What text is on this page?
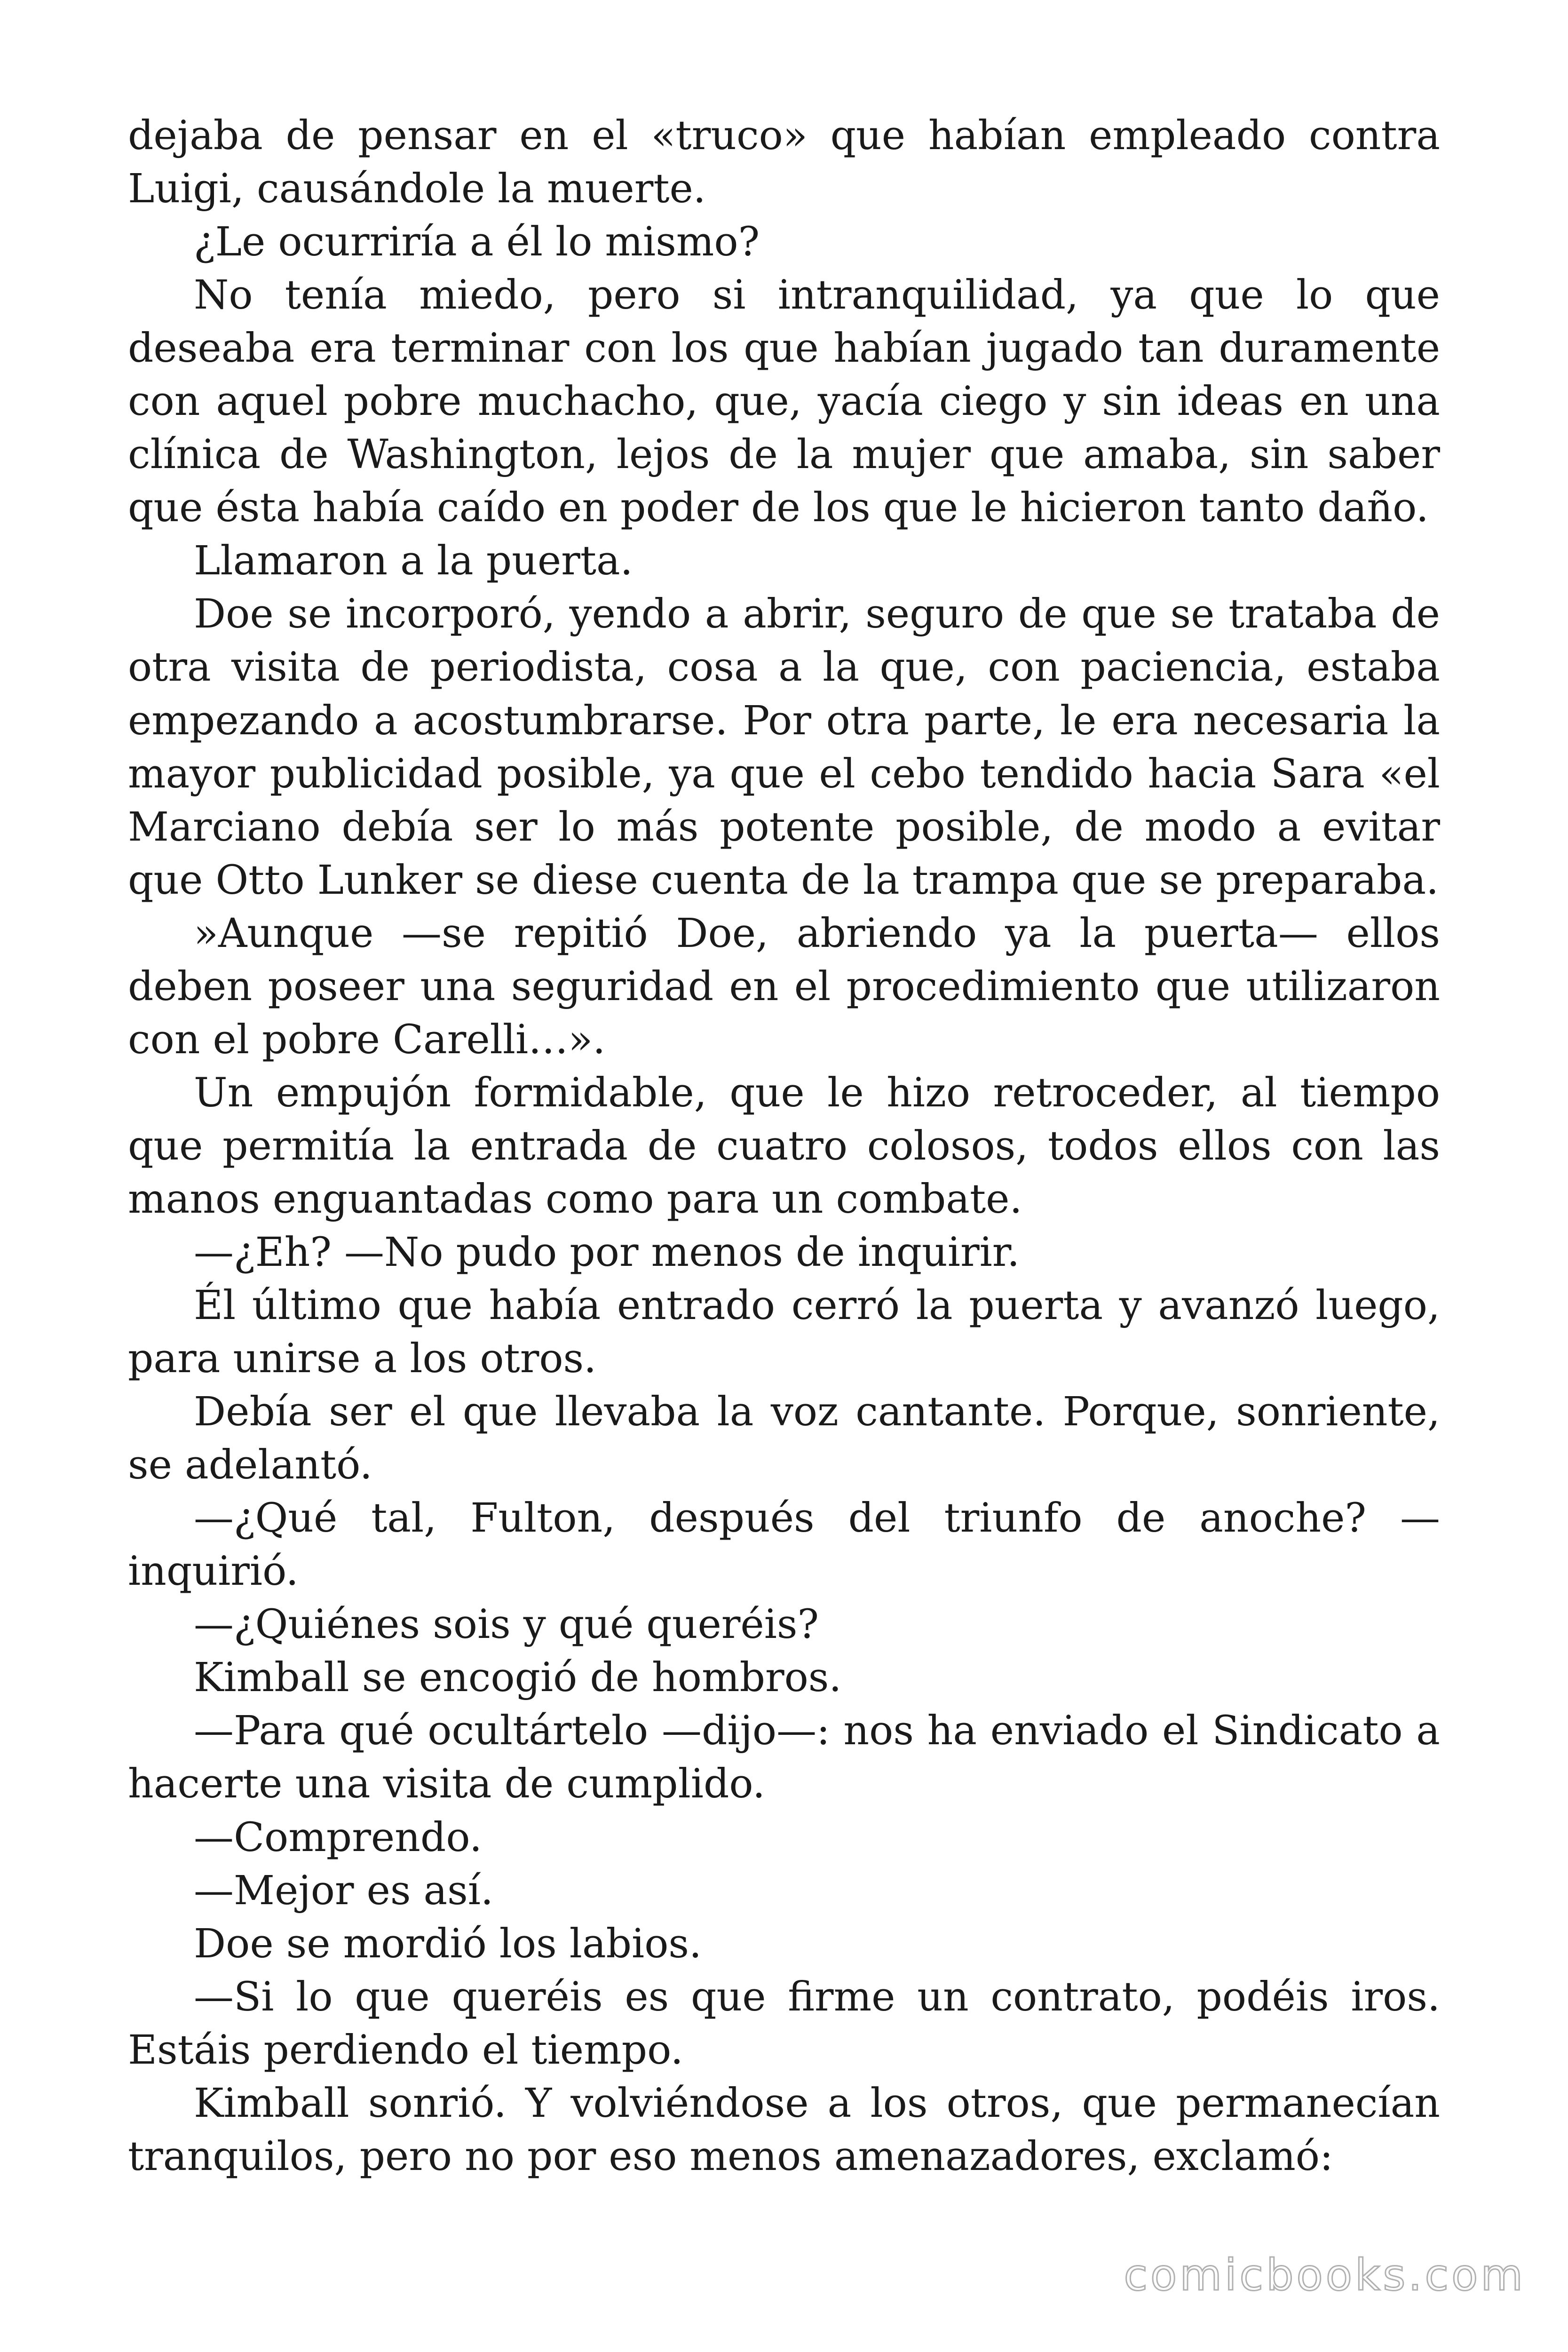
dejaba de pensar en el «truco» que habían empleado contra Luigi, causándole la muerte.

¿Le ocurriría a él lo mismo?

No tenía miedo, pero si intranquilidad, ya que lo que deseaba era terminar con los que habían jugado tan duramente con aquel pobre muchacho, que, yacía ciego y sin ideas en una clínica de Washington, lejos de la mujer que amaba, sin saber que ésta había caído en poder de los que le hicieron tanto daño.

Llamaron a la puerta.

Doe se incorporó, yendo a abrir, seguro de que se trataba de otra visita de periodista, cosa a la que, con paciencia, estaba empezando a acostumbrarse. Por otra parte, le era necesaria la mayor publicidad posible, ya que el cebo tendido hacia Sara «el Marciano debía ser lo más potente posible, de modo a evitar que Otto Lunker se diese cuenta de la trampa que se preparaba.

»Aunque —se repitió Doe, abriendo ya la puerta— ellos deben poseer una seguridad en el procedimiento que utilizaron con el pobre Carelli…».

Un empujón formidable, que le hizo retroceder, al tiempo que permitía la entrada de cuatro colosos, todos ellos con las manos enguantadas como para un combate.

—¿Eh? —No pudo por menos de inquirir.

Él último que había entrado cerró la puerta y avanzó luego, para unirse a los otros.

Debía ser el que llevaba la voz cantante. Porque, sonriente, se adelantó.

—¿Qué tal, Fulton, después del triunfo de anoche? —inquirió.

—¿Quiénes sois y qué queréis?

Kimball se encogió de hombros.

—Para qué ocultártelo —dijo—: nos ha enviado el Sindicato a hacerte una visita de cumplido.

—Comprendo.

—Mejor es así.

Doe se mordió los labios.

—Si lo que queréis es que firme un contrato, podéis iros. Estáis perdiendo el tiempo.

Kimball sonrió. Y volviéndose a los otros, que permanecían tranquilos, pero no por eso menos amenazadores, exclamó:

comicbooks.com
